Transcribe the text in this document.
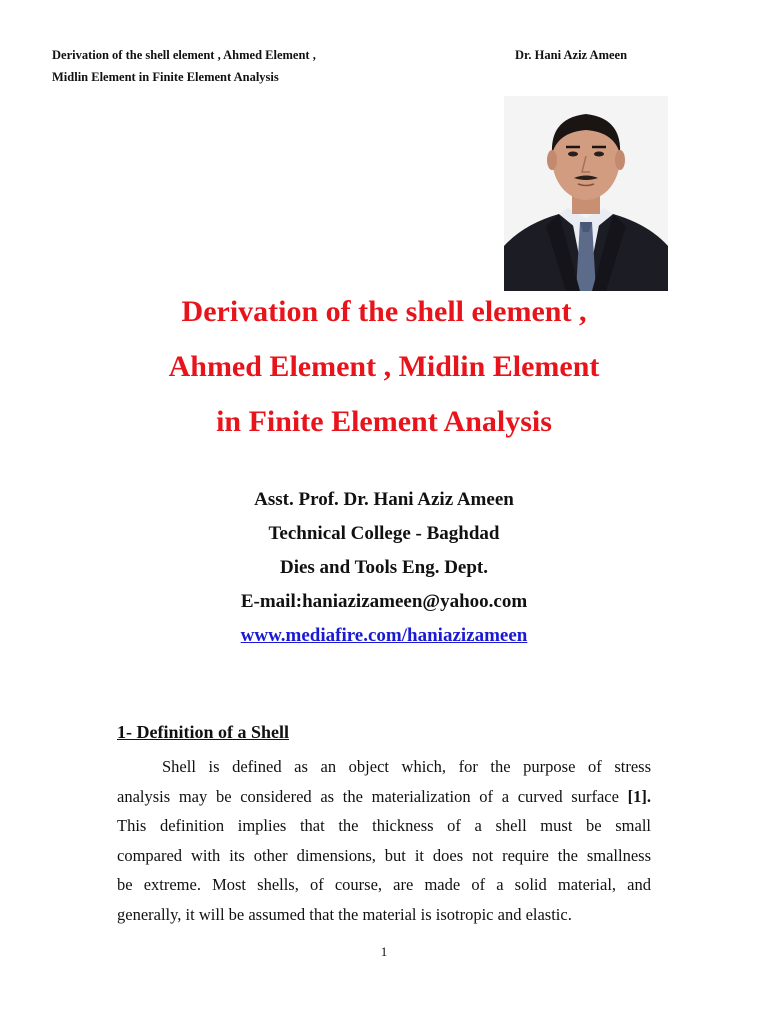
Derivation of the shell element , Ahmed Element ,
Midlin Element in Finite Element Analysis
Dr. Hani Aziz Ameen
Derivation of the shell element ,
Ahmed Element , Midlin Element
in Finite Element Analysis
Asst. Prof. Dr. Hani Aziz Ameen
Technical College - Baghdad
Dies and Tools Eng. Dept.
E-mail:haniazizameen@yahoo.com
www.mediafire.com/haniazizameen
1- Definition of a Shell
Shell is defined as an object which, for the purpose of stress
analysis may be considered as the materialization of a curved surface [1].
This definition implies that the thickness of a shell must be small
compared with its other dimensions, but it does not require the smallness
be extreme. Most shells, of course, are made of a solid material, and
generally, it will be assumed that the material is isotropic and elastic.
1
